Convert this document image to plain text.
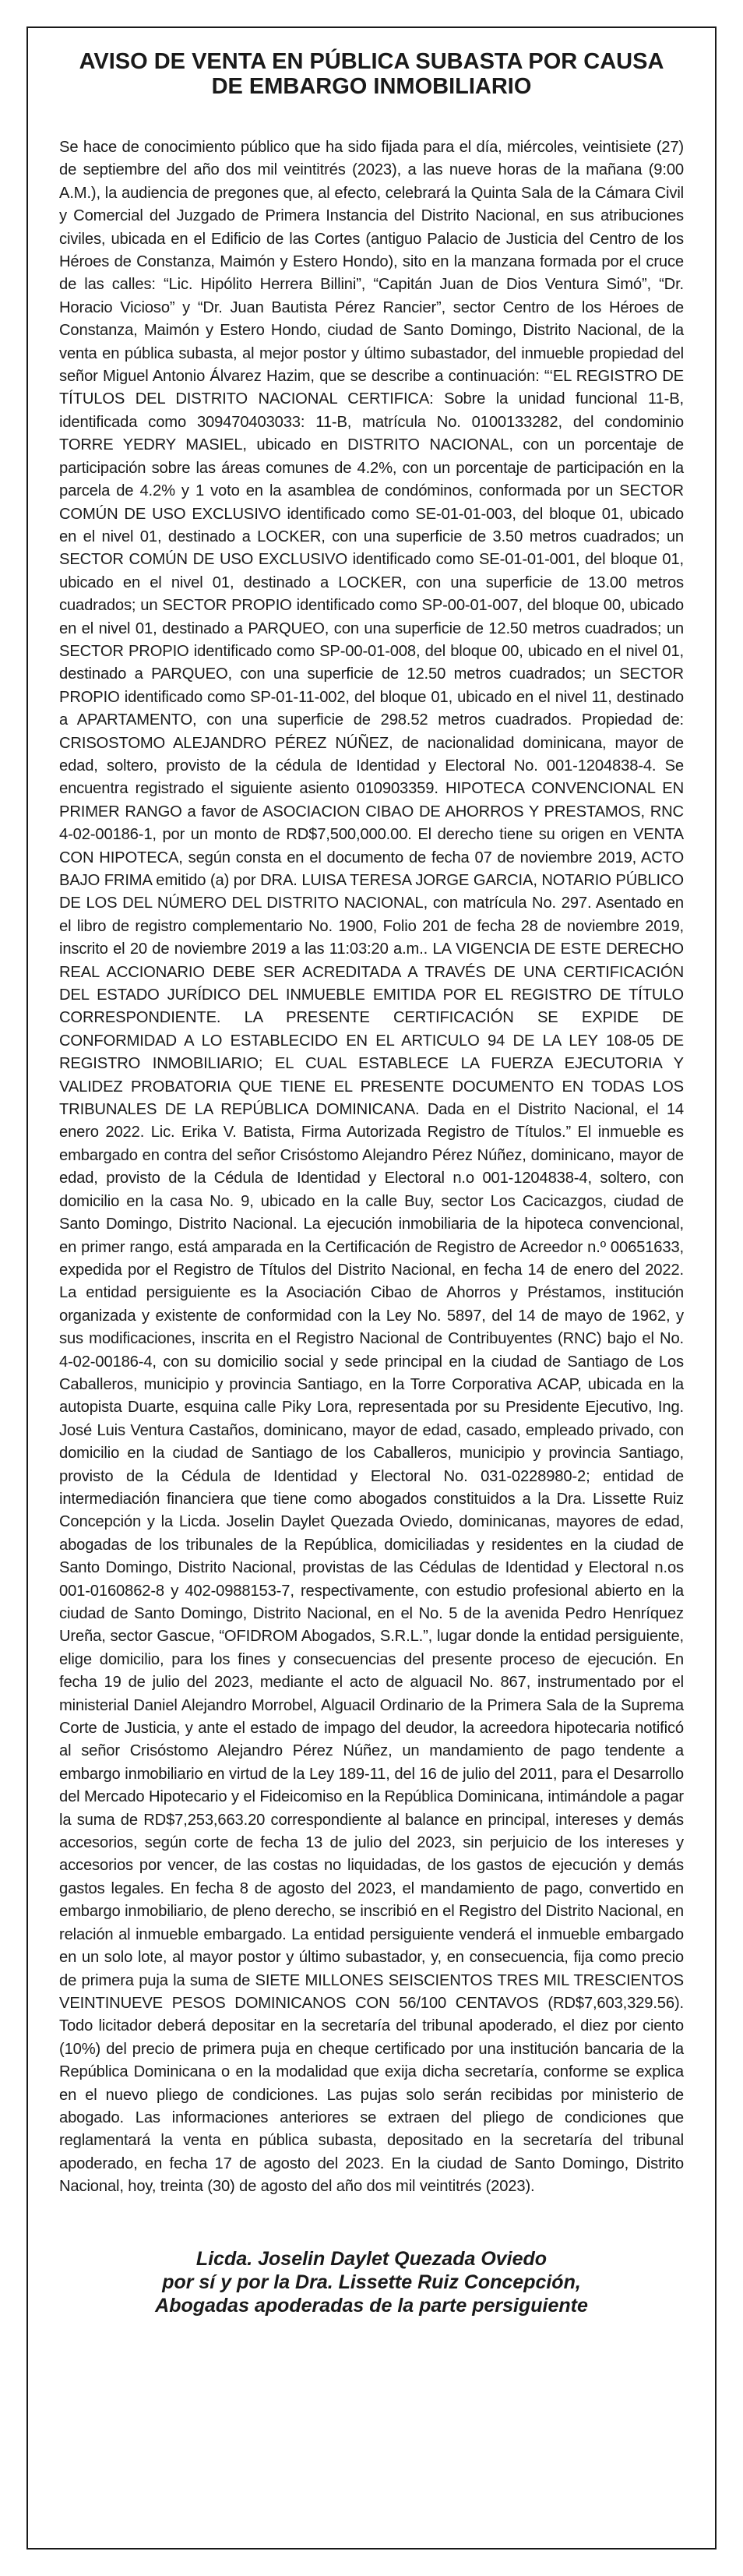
AVISO DE VENTA EN PÚBLICA SUBASTA POR CAUSA
DE EMBARGO INMOBILIARIO

Se hace de conocimiento público que ha sido fijada para el día, miércoles, veintisiete (27) de septiembre del año dos mil veintitrés (2023), a las nueve horas de la mañana (9:00 A.M.), la audiencia de pregones que, al efecto, celebrará la Quinta Sala de la Cámara Civil y Comercial del Juzgado de Primera Instancia del Distrito Nacional, en sus atribuciones civiles, ubicada en el Edificio de las Cortes (antiguo Palacio de Justicia del Centro de los Héroes de Constanza, Maimón y Estero Hondo), sito en la manzana formada por el cruce de las calles: “Lic. Hipólito Herrera Billini”, “Capitán Juan de Dios Ventura Simó”, “Dr. Horacio Vicioso” y “Dr. Juan Bautista Pérez Rancier”, sector Centro de los Héroes de Constanza, Maimón y Estero Hondo, ciudad de Santo Domingo, Distrito Nacional, de la venta en pública subasta, al mejor postor y último subastador, del inmueble propiedad del señor Miguel Antonio Álvarez Hazim, que se describe a continuación: “‘EL REGISTRO DE TÍTULOS DEL DISTRITO NACIONAL CERTIFICA: Sobre la unidad funcional 11-B, identificada como 309470403033: 11-B, matrícula No. 0100133282, del condominio TORRE YEDRY MASIEL, ubicado en DISTRITO NACIONAL, con un porcentaje de participación sobre las áreas comunes de 4.2%, con un porcentaje de participación en la parcela de 4.2% y 1 voto en la asamblea de condóminos, conformada por un SECTOR COMÚN DE USO EXCLUSIVO identificado como SE-01-01-003, del bloque 01, ubicado en el nivel 01, destinado a LOCKER, con una superficie de 3.50 metros cuadrados; un SECTOR COMÚN DE USO EXCLUSIVO identificado como SE-01-01-001, del bloque 01, ubicado en el nivel 01, destinado a LOCKER, con una superficie de 13.00 metros cuadrados; un SECTOR PROPIO identificado como SP-00-01-007, del bloque 00, ubicado en el nivel 01, destinado a PARQUEO, con una superficie de 12.50 metros cuadrados; un SECTOR PROPIO identificado como SP-00-01-008, del bloque 00, ubicado en el nivel 01, destinado a PARQUEO, con una superficie de 12.50 metros cuadrados; un SECTOR PROPIO identificado como SP-01-11-002, del bloque 01, ubicado en el nivel 11, destinado a APARTAMENTO, con una superficie de 298.52 metros cuadrados. Propiedad de: CRISOSTOMO ALEJANDRO PÉREZ NÚÑEZ, de nacionalidad dominicana, mayor de edad, soltero, provisto de la cédula de Identidad y Electoral No. 001-1204838-4. Se encuentra registrado el siguiente asiento 010903359. HIPOTECA CONVENCIONAL EN PRIMER RANGO a favor de ASOCIACION CIBAO DE AHORROS Y PRESTAMOS, RNC 4-02-00186-1, por un monto de RD$7,500,000.00. El derecho tiene su origen en VENTA CON HIPOTECA, según consta en el documento de fecha 07 de noviembre 2019, ACTO BAJO FRIMA emitido (a) por DRA. LUISA TERESA JORGE GARCIA, NOTARIO PÚBLICO DE LOS DEL NÚMERO DEL DISTRITO NACIONAL, con matrícula No. 297. Asentado en el libro de registro complementario No. 1900, Folio 201 de fecha 28 de noviembre 2019, inscrito el 20 de noviembre 2019 a las 11:03:20 a.m.. LA VIGENCIA DE ESTE DERECHO REAL ACCIONARIO DEBE SER ACREDITADA A TRAVÉS DE UNA CERTIFICACIÓN DEL ESTADO JURÍDICO DEL INMUEBLE EMITIDA POR EL REGISTRO DE TÍTULO CORRESPONDIENTE. LA PRESENTE CERTIFICACIÓN SE EXPIDE DE CONFORMIDAD A LO ESTABLECIDO EN EL ARTICULO 94 DE LA LEY 108-05 DE REGISTRO INMOBILIARIO; EL CUAL ESTABLECE LA FUERZA EJECUTORIA Y VALIDEZ PROBATORIA QUE TIENE EL PRESENTE DOCUMENTO EN TODAS LOS TRIBUNALES DE LA REPÚBLICA DOMINICANA. Dada en el Distrito Nacional, el 14 enero 2022. Lic. Erika V. Batista, Firma Autorizada Registro de Títulos.” El inmueble es embargado en contra del señor Crisóstomo Alejandro Pérez Núñez, dominicano, mayor de edad, provisto de la Cédula de Identidad y Electoral n.o 001-1204838-4, soltero, con domicilio en la casa No. 9, ubicado en la calle Buy, sector Los Cacicazgos, ciudad de Santo Domingo, Distrito Nacional. La ejecución inmobiliaria de la hipoteca convencional, en primer rango, está amparada en la Certificación de Registro de Acreedor n.º 00651633, expedida por el Registro de Títulos del Distrito Nacional, en fecha 14 de enero del 2022. La entidad persiguiente es la Asociación Cibao de Ahorros y Préstamos, institución organizada y existente de conformidad con la Ley No. 5897, del 14 de mayo de 1962, y sus modificaciones, inscrita en el Registro Nacional de Contribuyentes (RNC) bajo el No. 4-02-00186-4, con su domicilio social y sede principal en la ciudad de Santiago de Los Caballeros, municipio y provincia Santiago, en la Torre Corporativa ACAP, ubicada en la autopista Duarte, esquina calle Piky Lora, representada por su Presidente Ejecutivo, Ing. José Luis Ventura Castaños, dominicano, mayor de edad, casado, empleado privado, con domicilio en la ciudad de Santiago de los Caballeros, municipio y provincia Santiago, provisto de la Cédula de Identidad y Electoral No. 031-0228980-2; entidad de intermediación financiera que tiene como abogados constituidos a la Dra. Lissette Ruiz Concepción y la Licda. Joselin Daylet Quezada Oviedo, dominicanas, mayores de edad, abogadas de los tribunales de la República, domiciliadas y residentes en la ciudad de Santo Domingo, Distrito Nacional, provistas de las Cédulas de Identidad y Electoral n.os 001-0160862-8 y 402-0988153-7, respectivamente, con estudio profesional abierto en la ciudad de Santo Domingo, Distrito Nacional, en el No. 5 de la avenida Pedro Henríquez Ureña, sector Gascue, “OFIDROM Abogados, S.R.L.”, lugar donde la entidad persiguiente, elige domicilio, para los fines y consecuencias del presente proceso de ejecución. En fecha 19 de julio del 2023, mediante el acto de alguacil No. 867, instrumentado por el ministerial Daniel Alejandro Morrobel, Alguacil Ordinario de la Primera Sala de la Suprema Corte de Justicia, y ante el estado de impago del deudor, la acreedora hipotecaria notificó al señor Crisóstomo Alejandro Pérez Núñez, un mandamiento de pago tendente a embargo inmobiliario en virtud de la Ley 189-11, del 16 de julio del 2011, para el Desarrollo del Mercado Hipotecario y el Fideicomiso en la República Dominicana, intimándole a pagar la suma de RD$7,253,663.20 correspondiente al balance en principal, intereses y demás accesorios, según corte de fecha 13 de julio del 2023, sin perjuicio de los intereses y accesorios por vencer, de las costas no liquidadas, de los gastos de ejecución y demás gastos legales. En fecha 8 de agosto del 2023, el mandamiento de pago, convertido en embargo inmobiliario, de pleno derecho, se inscribió en el Registro del Distrito Nacional, en relación al inmueble embargado. La entidad persiguiente venderá el inmueble embargado en un solo lote, al mayor postor y último subastador, y, en consecuencia, fija como precio de primera puja la suma de SIETE MILLONES SEISCIENTOS TRES MIL TRESCIENTOS VEINTINUEVE PESOS DOMINICANOS CON 56/100 CENTAVOS (RD$7,603,329.56). Todo licitador deberá depositar en la secretaría del tribunal apoderado, el diez por ciento (10%) del precio de primera puja en cheque certificado por una institución bancaria de la República Dominicana o en la modalidad que exija dicha secretaría, conforme se explica en el nuevo pliego de condiciones. Las pujas solo serán recibidas por ministerio de abogado. Las informaciones anteriores se extraen del pliego de condiciones que reglamentará la venta en pública subasta, depositado en la secretaría del tribunal apoderado, en fecha 17 de agosto del 2023. En la ciudad de Santo Domingo, Distrito Nacional, hoy, treinta (30) de agosto del año dos mil veintitrés (2023).

Licda. Joselin Daylet Quezada Oviedo
por sí y por la Dra. Lissette Ruiz Concepción,
Abogadas apoderadas de la parte persiguiente
